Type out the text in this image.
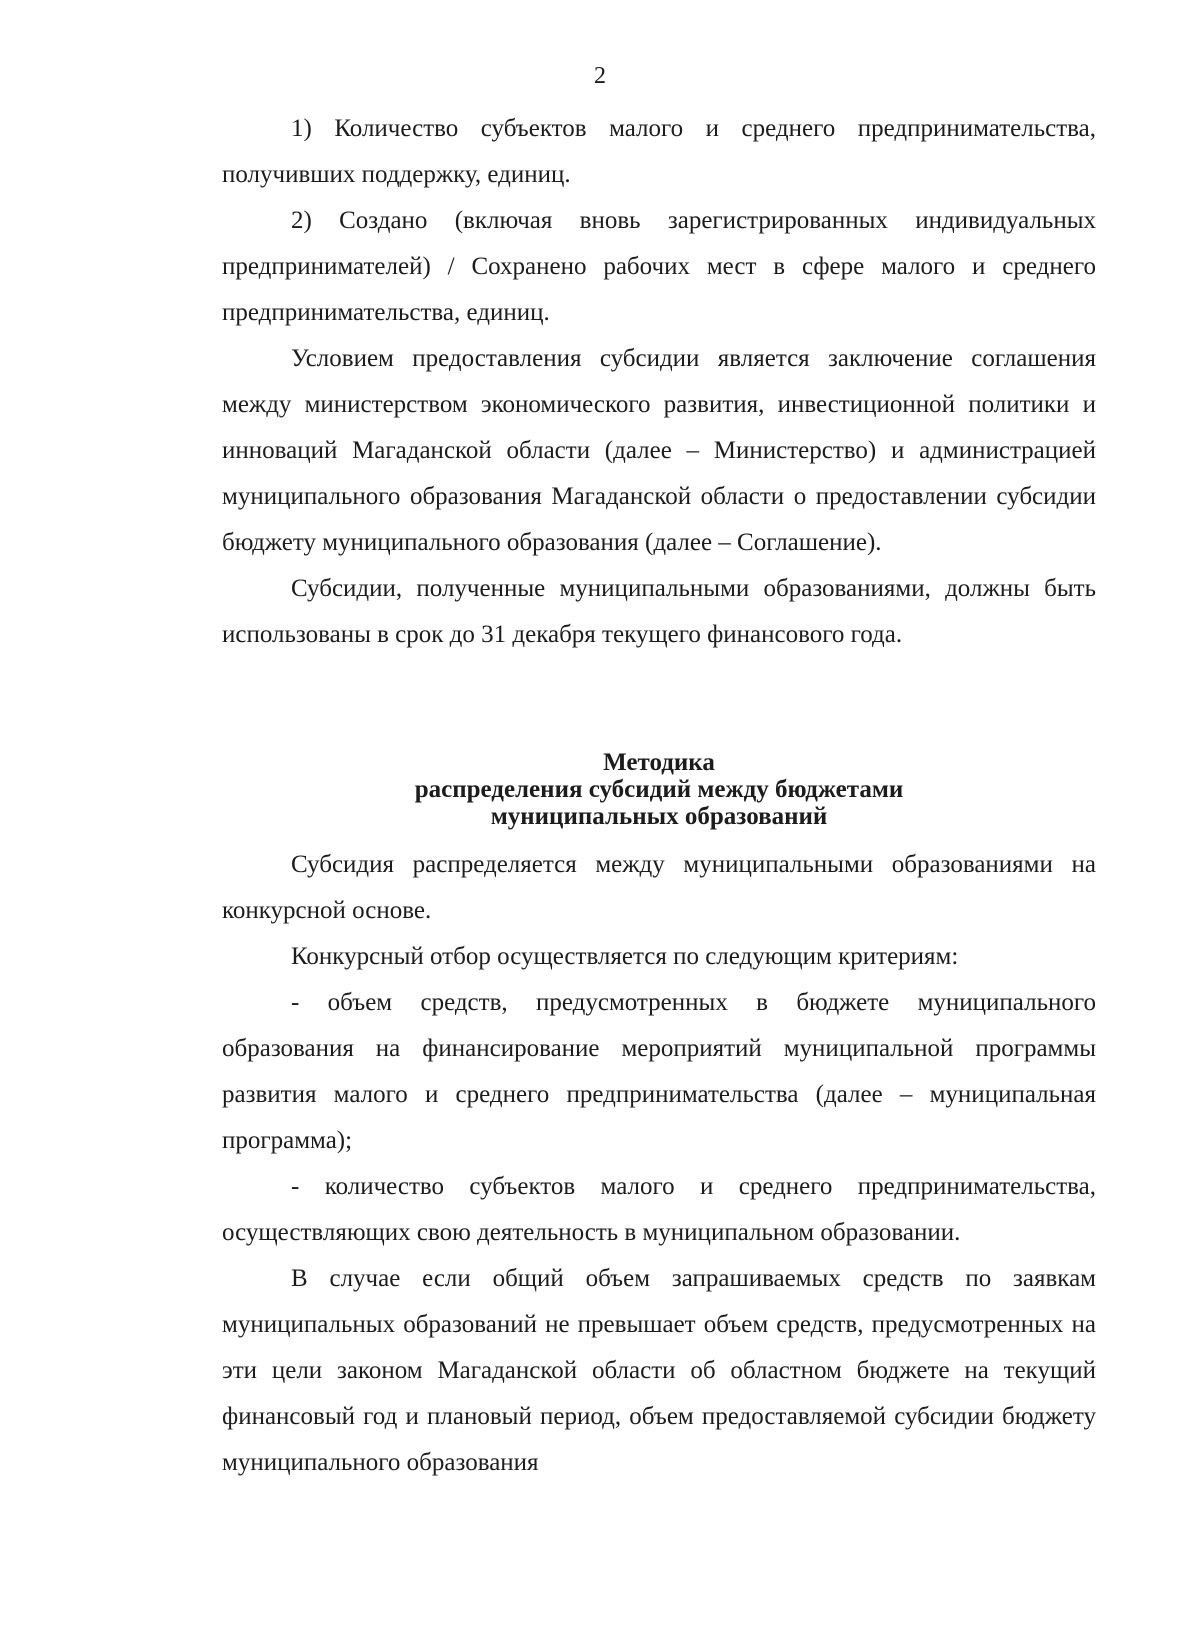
2

1) Количество субъектов малого и среднего предпринимательства, получивших поддержку, единиц.

2) Создано (включая вновь зарегистрированных индивидуальных предпринимателей) / Сохранено рабочих мест в сфере малого и среднего предпринимательства, единиц.

Условием предоставления субсидии является заключение соглашения между министерством экономического развития, инвестиционной политики и инноваций Магаданской области (далее – Министерство) и администрацией муниципального образования Магаданской области о предоставлении субсидии бюджету муниципального образования (далее – Соглашение).

Субсидии, полученные муниципальными образованиями, должны быть использованы в срок до 31 декабря текущего финансового года.

Методика
распределения субсидий между бюджетами
муниципальных образований

Субсидия распределяется между муниципальными образованиями на конкурсной основе.

Конкурсный отбор осуществляется по следующим критериям:

- объем средств, предусмотренных в бюджете муниципального образования на финансирование мероприятий муниципальной программы развития малого и среднего предпринимательства (далее – муниципальная программа);

- количество субъектов малого и среднего предпринимательства, осуществляющих свою деятельность в муниципальном образовании.

В случае если общий объем запрашиваемых средств по заявкам муниципальных образований не превышает объем средств, предусмотренных на эти цели законом Магаданской области об областном бюджете на текущий финансовый год и плановый период, объем предоставляемой субсидии бюджету муниципального образования
